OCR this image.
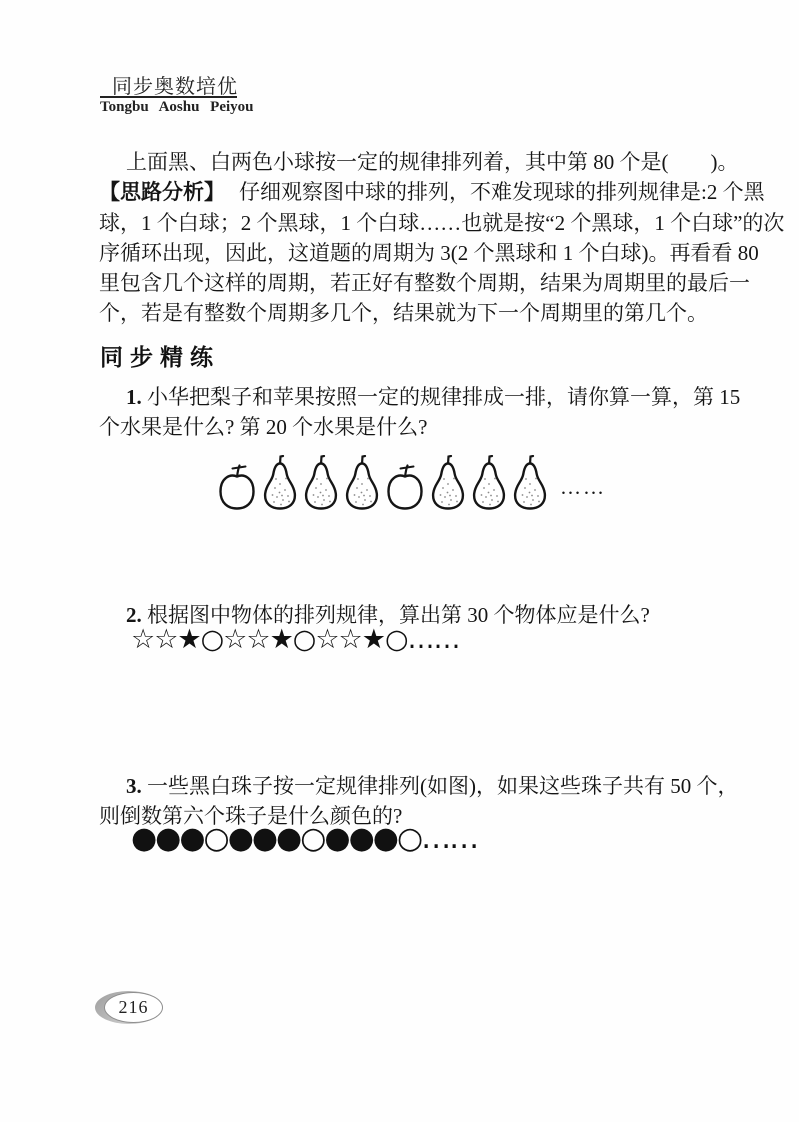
同步奥数培优
Tongbu Aoshu Peiyou
上面黑、白两色小球按一定的规律排列着，其中第 80 个是(　　)。
【思路分析】 仔细观察图中球的排列，不难发现球的排列规律是:2 个黑
球，1 个白球；2 个黑球，1 个白球……也就是按“2 个黑球，1 个白球”的次
序循环出现，因此，这道题的周期为 3(2 个黑球和 1 个白球)。再看看 80
里包含几个这样的周期，若正好有整数个周期，结果为周期里的最后一
个，若是有整数个周期多几个，结果就为下一个周期里的第几个。
同步精练
1. 小华把梨子和苹果按照一定的规律排成一排，请你算一算，第 15
个水果是什么? 第 20 个水果是什么?
……
2. 根据图中物体的排列规律，算出第 30 个物体应是什么?
☆☆★○☆☆★○☆☆★○……
3. 一些黑白珠子按一定规律排列(如图)，如果这些珠子共有 50 个，
则倒数第六个珠子是什么颜色的?
●●●○●●●○●●●○……
216
